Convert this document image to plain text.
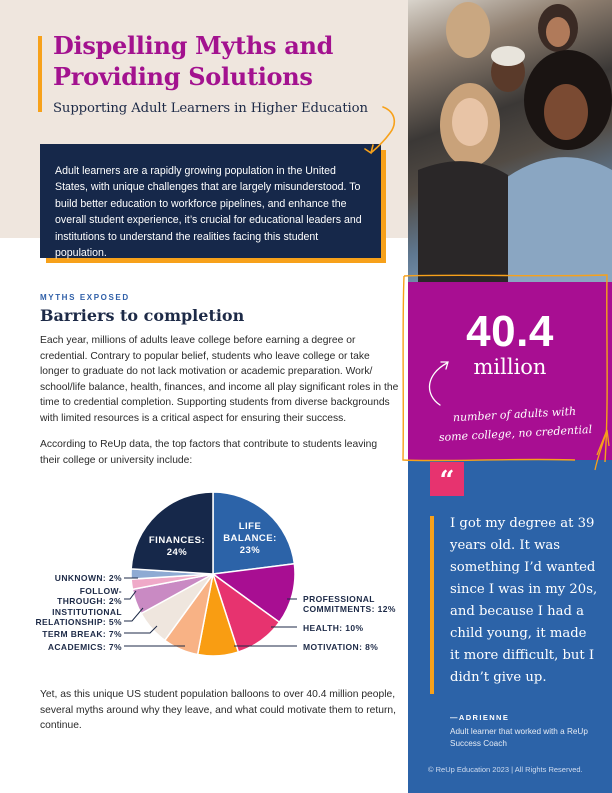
Dispelling Myths and
Providing Solutions
Supporting Adult Learners in Higher Education

Adult learners are a rapidly growing population in the United States, with unique challenges that are largely misunderstood. To build better education to workforce pipelines, and enhance the overall student experience, it’s crucial for educational leaders and institutions to understand the realities facing this student population.

MYTHS EXPOSED
Barriers to completion

Each year, millions of adults leave college before earning a degree or credential. Contrary to popular belief, students who leave college or take longer to graduate do not lack motivation or academic preparation. Work/ school/life balance, health, finances, and income all play significant roles in the time to credential completion. Supporting students from diverse backgrounds with limited resources is a critical aspect for ensuring their success.

According to ReUp data, the top factors that contribute to students leaving their college or university include:

FINANCES:
24%
LIFE
BALANCE:
23%
UNKNOWN: 2%
FOLLOW-
THROUGH: 2%
INSTITUTIONAL
RELATIONSHIP: 5%
TERM BREAK: 7%
ACADEMICS: 7%
PROFESSIONAL
COMMITMENTS: 12%
HEALTH: 10%
MOTIVATION: 8%

Yet, as this unique US student population balloons to over 40.4 million people, several myths around why they leave, and what could motivate them to return, continue.

40.4
million
number of adults with
some college, no credential
“
I got my degree at 39 years old. It was something I’d wanted since I was in my 20s, and because I had a child young, it made it more difficult, but I didn’t give up.
—ADRIENNE
Adult learner that worked with a ReUp Success Coach
© ReUp Education 2023 | All Rights Reserved.
